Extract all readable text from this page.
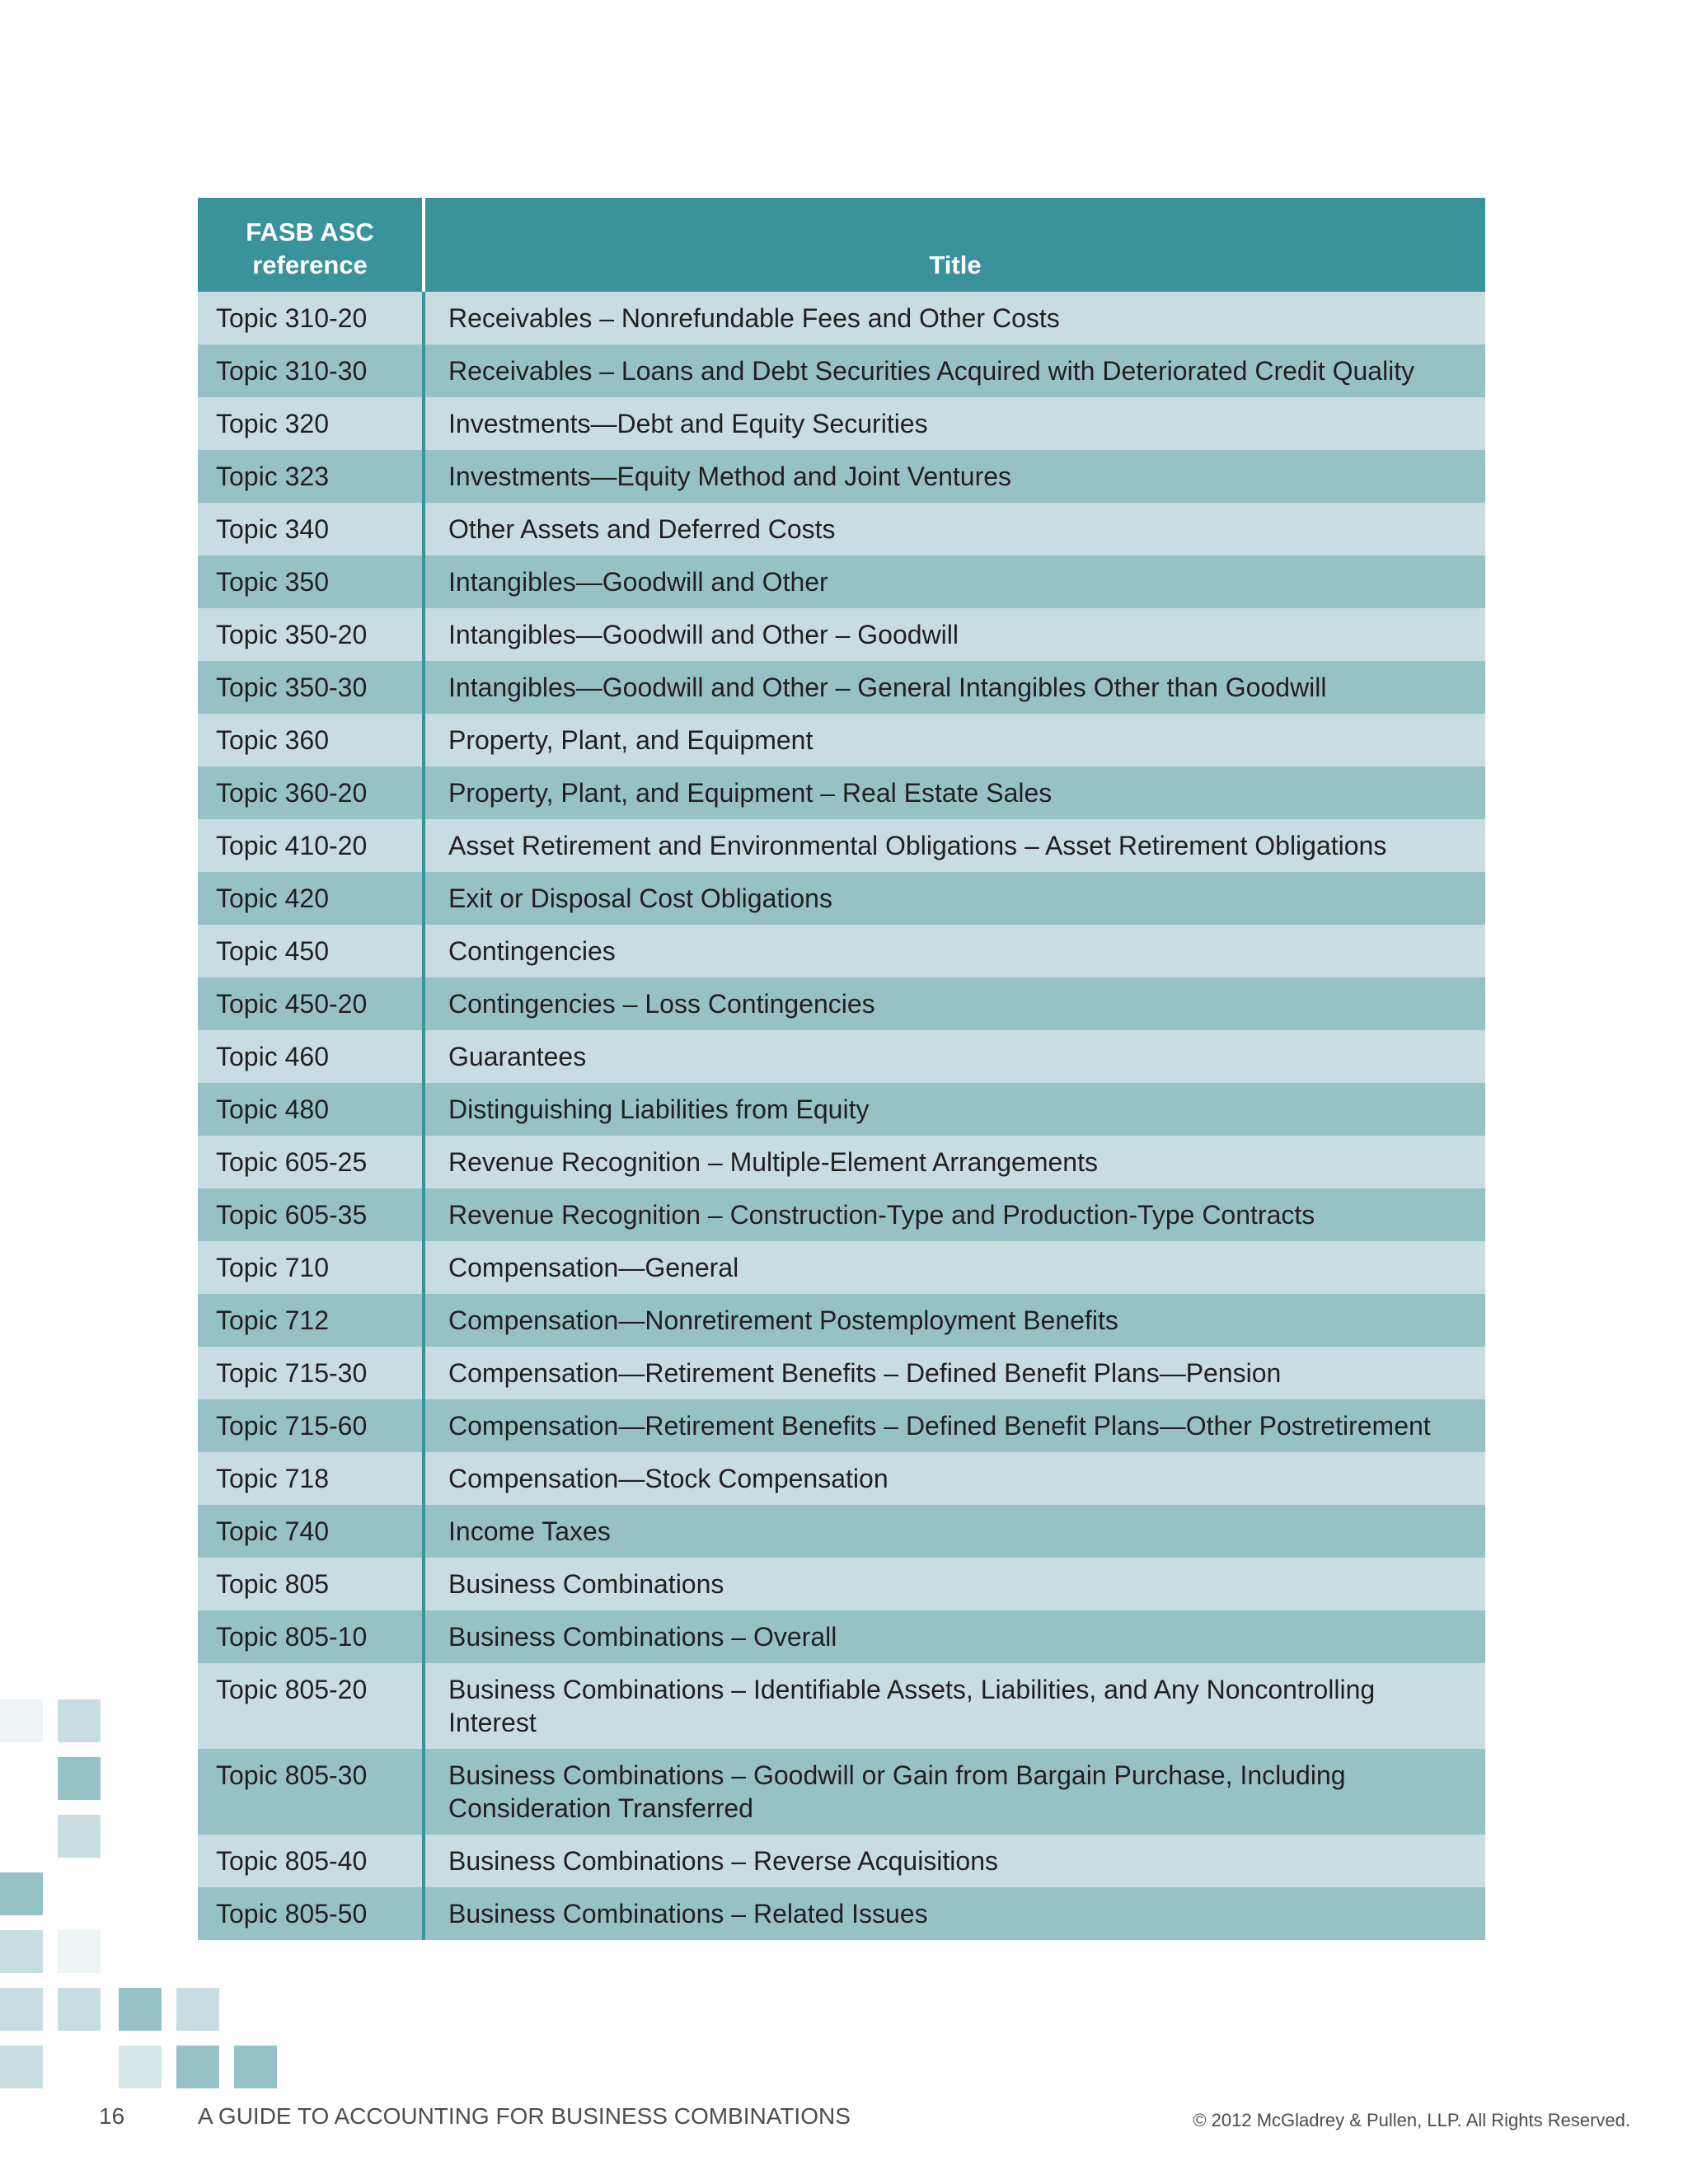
FASB ASC reference	Title
Topic 310-20	Receivables – Nonrefundable Fees and Other Costs
Topic 310-30	Receivables – Loans and Debt Securities Acquired with Deteriorated Credit Quality
Topic 320	Investments—Debt and Equity Securities
Topic 323	Investments—Equity Method and Joint Ventures
Topic 340	Other Assets and Deferred Costs
Topic 350	Intangibles—Goodwill and Other
Topic 350-20	Intangibles—Goodwill and Other – Goodwill
Topic 350-30	Intangibles—Goodwill and Other – General Intangibles Other than Goodwill
Topic 360	Property, Plant, and Equipment
Topic 360-20	Property, Plant, and Equipment – Real Estate Sales
Topic 410-20	Asset Retirement and Environmental Obligations – Asset Retirement Obligations
Topic 420	Exit or Disposal Cost Obligations
Topic 450	Contingencies
Topic 450-20	Contingencies – Loss Contingencies
Topic 460	Guarantees
Topic 480	Distinguishing Liabilities from Equity
Topic 605-25	Revenue Recognition – Multiple-Element Arrangements
Topic 605-35	Revenue Recognition – Construction-Type and Production-Type Contracts
Topic 710	Compensation—General
Topic 712	Compensation—Nonretirement Postemployment Benefits
Topic 715-30	Compensation—Retirement Benefits – Defined Benefit Plans—Pension
Topic 715-60	Compensation—Retirement Benefits – Defined Benefit Plans—Other Postretirement
Topic 718	Compensation—Stock Compensation
Topic 740	Income Taxes
Topic 805	Business Combinations
Topic 805-10	Business Combinations – Overall
Topic 805-20	Business Combinations – Identifiable Assets, Liabilities, and Any Noncontrolling Interest
Topic 805-30	Business Combinations – Goodwill or Gain from Bargain Purchase, Including Consideration Transferred
Topic 805-40	Business Combinations – Reverse Acquisitions
Topic 805-50	Business Combinations – Related Issues
16	A GUIDE TO ACCOUNTING FOR BUSINESS COMBINATIONS	© 2012 McGladrey & Pullen, LLP. All Rights Reserved.
